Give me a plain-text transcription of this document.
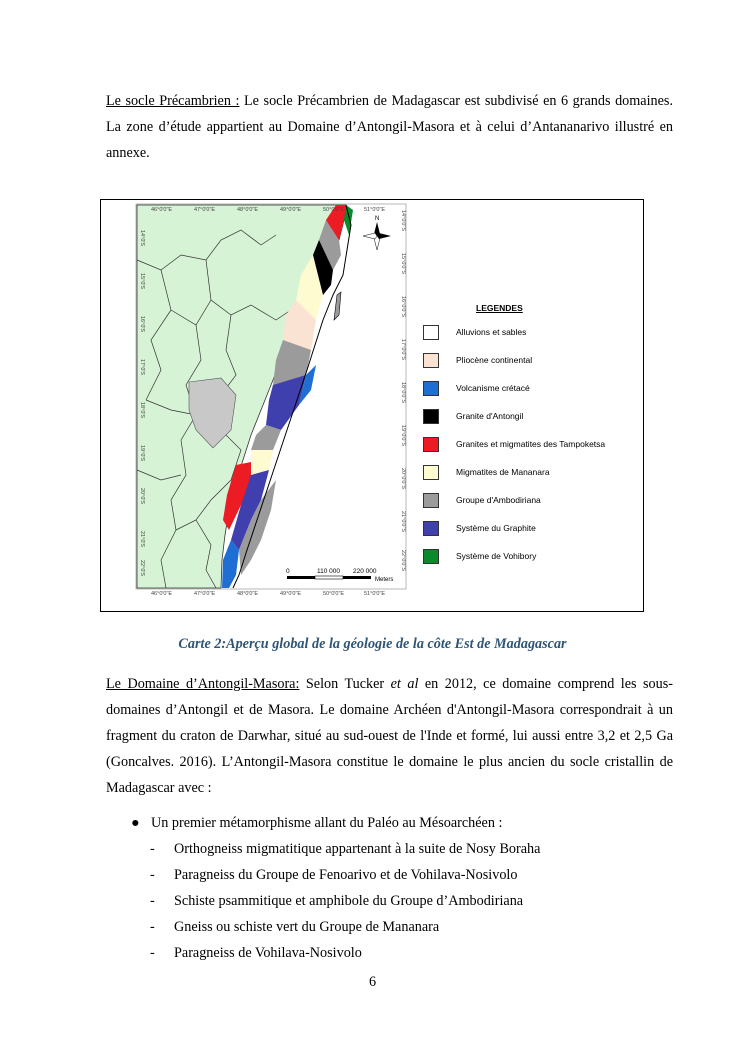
Le socle Précambrien : Le socle Précambrien de Madagascar est subdivisé en 6 grands domaines. La zone d’étude appartient au Domaine d’Antongil-Masora et à celui d’Antananarivo illustré en annexe.
46°0'0"E	47°0'0"E	48°0'0"E	49°0'0"E	50°0'0"E	51°0'0"E
46°0'0"E	47°0'0"E	48°0'0"E	49°0'0"E	50°0'0"E	51°0'0"E
14°0'S
15°0'S
16°0'S
17°0'S
18°0'S
19°0'S
20°0'S
21°0'S
22°0'S
14°0'0"S
15°0'0"S
16°0'0"S
17°0'0"S
18°0'0"S
19°0'0"S
20°0'0"S
21°0'0"S
22°0'0"S
N
0	110 000 220 000
Meters
LEGENDES
Alluvions et sables
Pliocène continental
Volcanisme crétacé
Granite d'Antongil
Granites et migmatites des Tampoketsa
Migmatites de Mananara
Groupe d'Ambodiriana
Système du Graphite
Système de Vohibory
Carte 2:Aperçu global de la géologie de la côte Est de Madagascar
Le Domaine d’Antongil-Masora: Selon Tucker et al en 2012, ce domaine comprend les sous-domaines d’Antongil et de Masora. Le domaine Archéen d'Antongil-Masora correspondrait à un fragment du craton de Darwhar, situé au sud-ouest de l'Inde et formé, lui aussi entre 3,2 et 2,5 Ga (Goncalves. 2016). L’Antongil-Masora constitue le domaine le plus ancien du socle cristallin de Madagascar avec :
● Un premier métamorphisme allant du Paléo au Mésoarchéen :
- Orthogneiss migmatitique appartenant à la suite de Nosy Boraha
- Paragneiss du Groupe de Fenoarivo et de Vohilava-Nosivolo
- Schiste psammitique et amphibole du Groupe d’Ambodiriana
- Gneiss ou schiste vert du Groupe de Mananara
- Paragneiss de Vohilava-Nosivolo
6
